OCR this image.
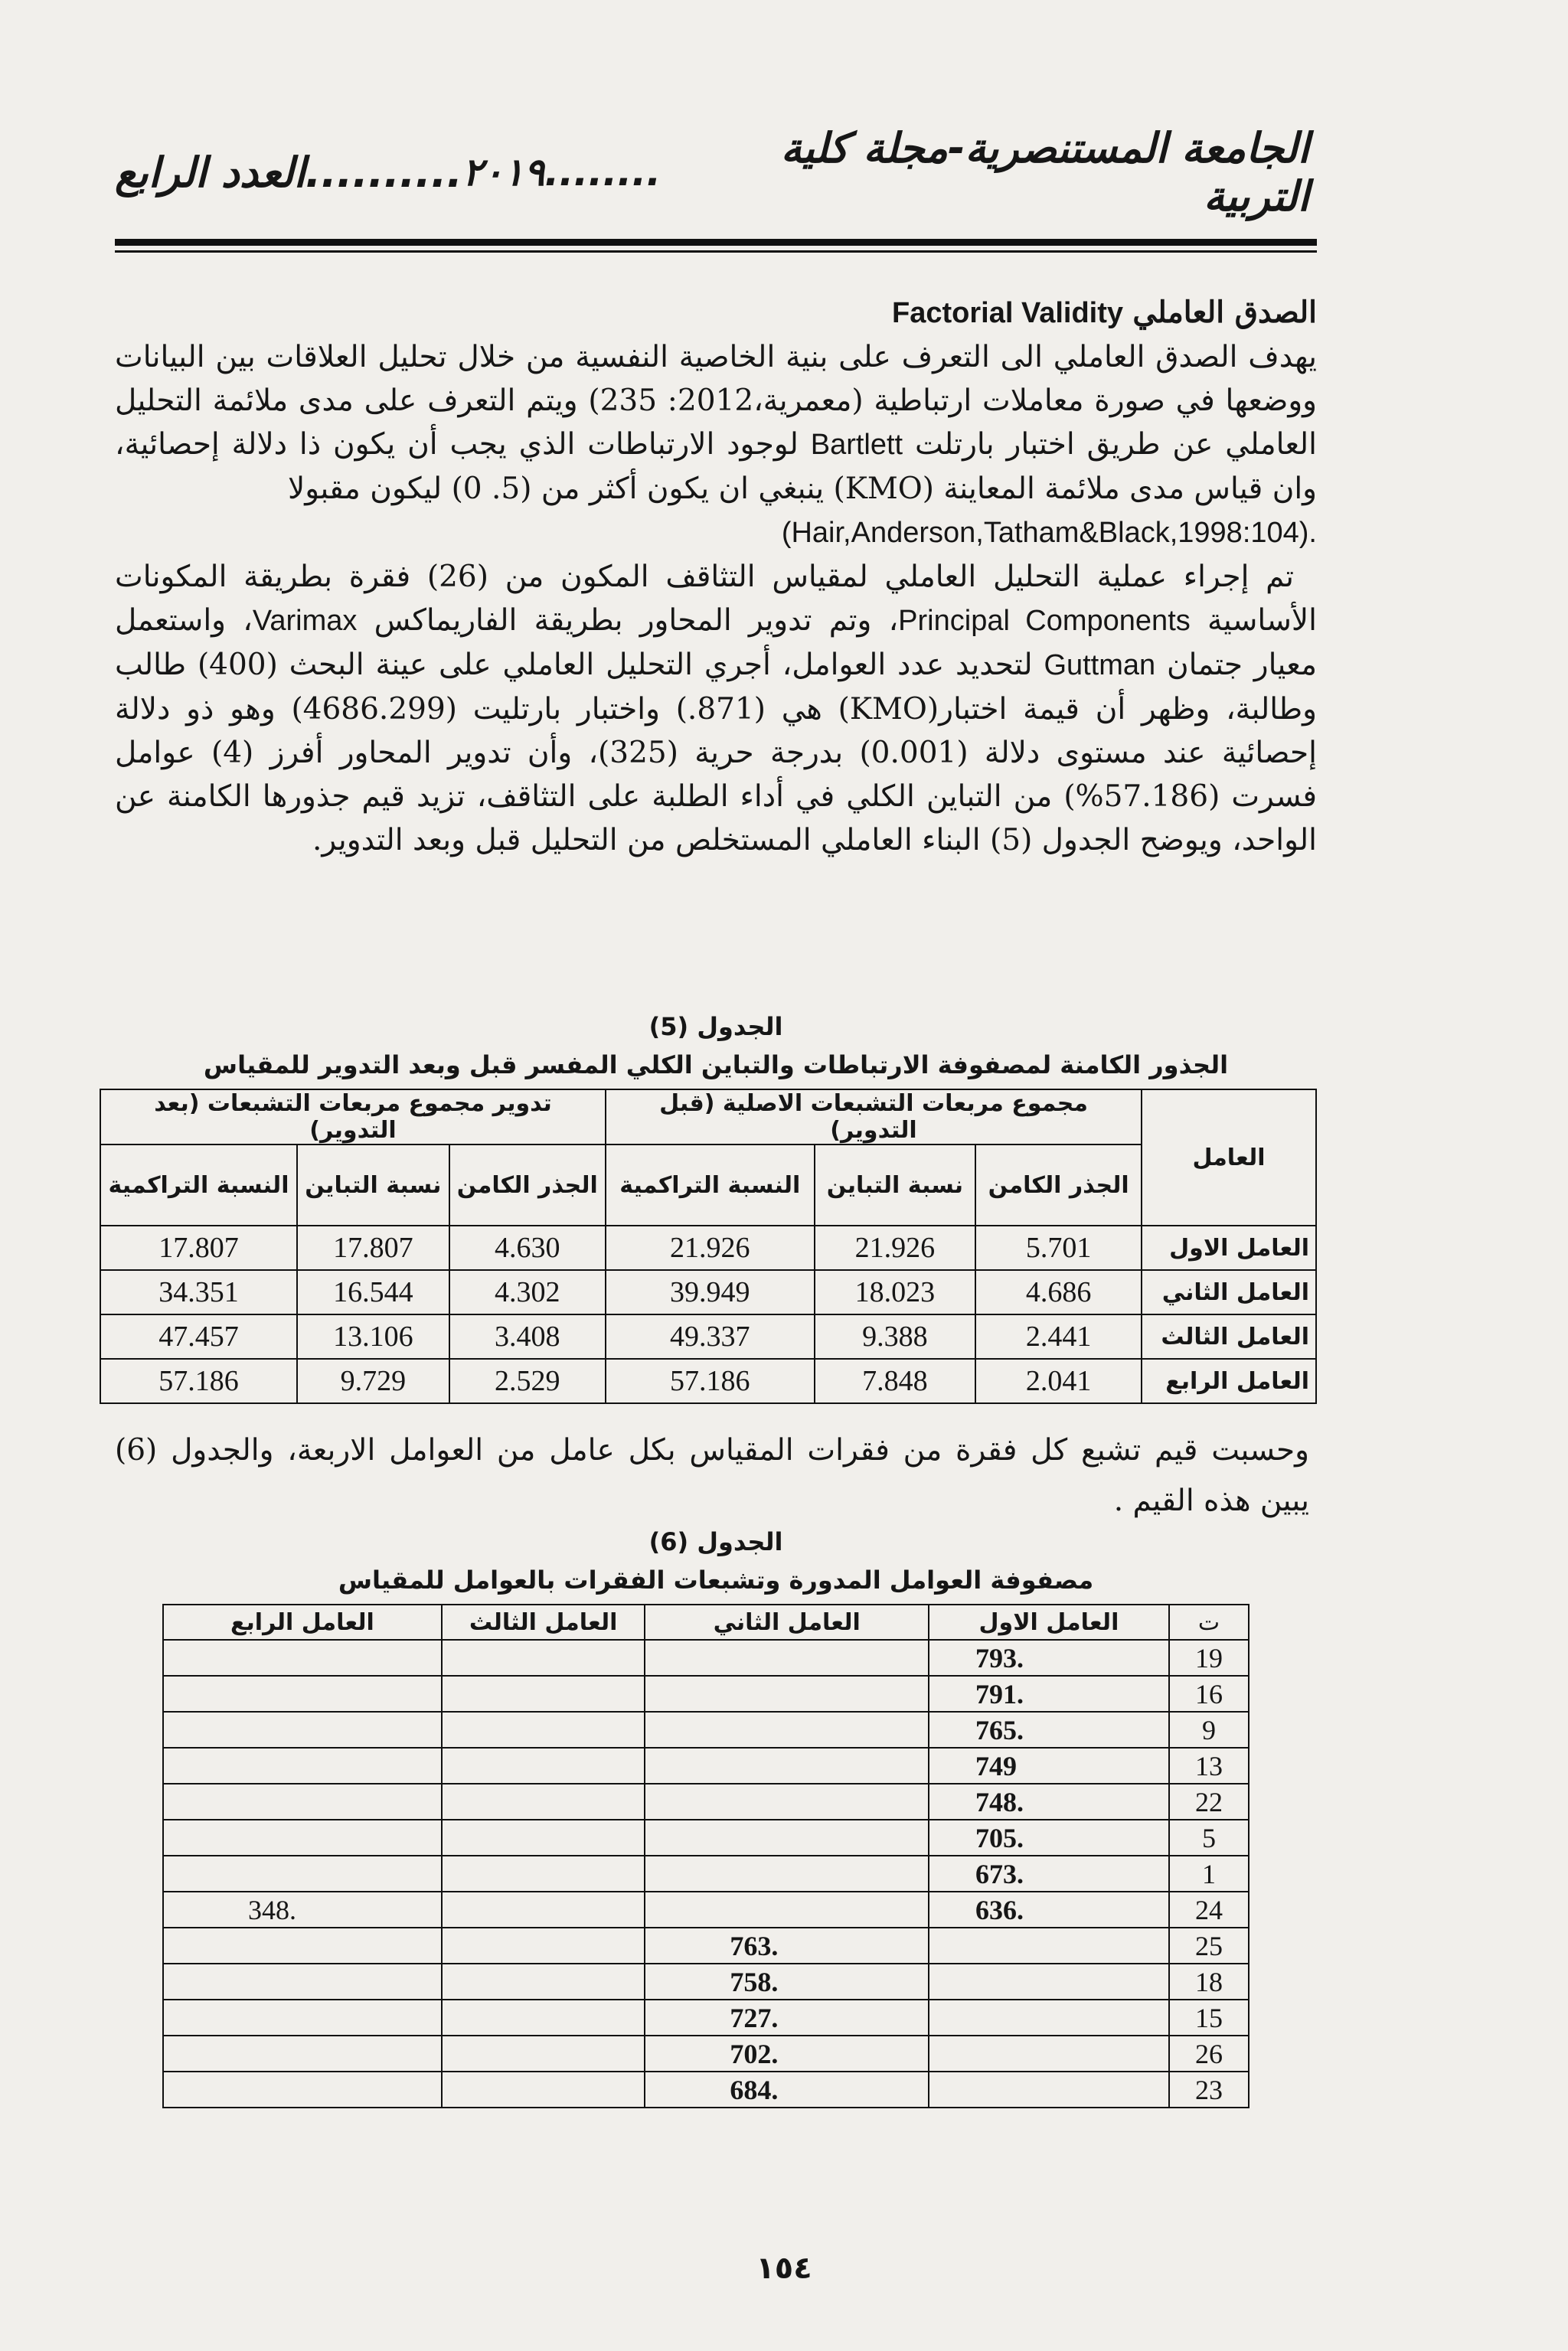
الجامعة المستنصرية-مجلة كلية التربية
........٢٠١٩
..........العدد الرابع

الصدق العاملي Factorial Validity

يهدف الصدق العاملي الى التعرف على بنية الخاصية النفسية من خلال تحليل العلاقات بين البيانات ووضعها في صورة معاملات ارتباطية (معمرية،2012: 235) ويتم التعرف على مدى ملائمة التحليل العاملي عن طريق اختبار بارتلت Bartlett لوجود الارتباطات الذي يجب أن يكون ذا دلالة إحصائية، وان قياس مدى ملائمة المعاينة (KMO) ينبغي ان يكون أكثر من (5. 0) ليكون مقبولا

(Hair,Anderson,Tatham&Black,1998:104).

تم إجراء عملية التحليل العاملي لمقياس التثاقف المكون من (26) فقرة بطريقة المكونات الأساسية Principal Components، وتم تدوير المحاور بطريقة الفاريماكس Varimax، واستعمل معيار جتمان Guttman لتحديد عدد العوامل، أجري التحليل العاملي على عينة البحث (400) طالب وطالبة، وظهر أن قيمة اختبار(KMO) هي (871.) واختبار بارتليت (4686.299) وهو ذو دلالة إحصائية عند مستوى دلالة (0.001) بدرجة حرية (325)، وأن تدوير المحاور أفرز (4) عوامل فسرت (57.186%) من التباين الكلي في أداء الطلبة على التثاقف، تزيد قيم جذورها الكامنة عن الواحد، ويوضح الجدول (5) البناء العاملي المستخلص من التحليل قبل وبعد التدوير.

الجدول (5)
الجذور الكامنة لمصفوفة الارتباطات والتباين الكلي المفسر قبل وبعد التدوير للمقياس
العامل	مجموع مربعات التشبعات الاصلية (قبل التدوير)			تدوير مجموع مربعات التشبعات (بعد التدوير)		
	الجذر الكامن	نسبة التباين	النسبة التراكمية	الجذر الكامن	نسبة التباين	النسبة التراكمية
العامل الاول	5.701	21.926	21.926	4.630	17.807	17.807
العامل الثاني	4.686	18.023	39.949	4.302	16.544	34.351
العامل الثالث	2.441	9.388	49.337	3.408	13.106	47.457
العامل الرابع	2.041	7.848	57.186	2.529	9.729	57.186

وحسبت قيم تشبع كل فقرة من فقرات المقياس بكل عامل من العوامل الاربعة، والجدول (6) يبين هذه القيم .

الجدول (6)
مصفوفة العوامل المدورة وتشبعات الفقرات بالعوامل للمقياس
ت	العامل الاول	العامل الثاني	العامل الثالث	العامل الرابع
19	.793			
16	.791			
9	.765			
13	749			
22	.748			
5	.705			
1	.673			
24	.636			.348
25		.763		
18		.758		
15		.727		
26		.702		
23		.684		
١٥٤
